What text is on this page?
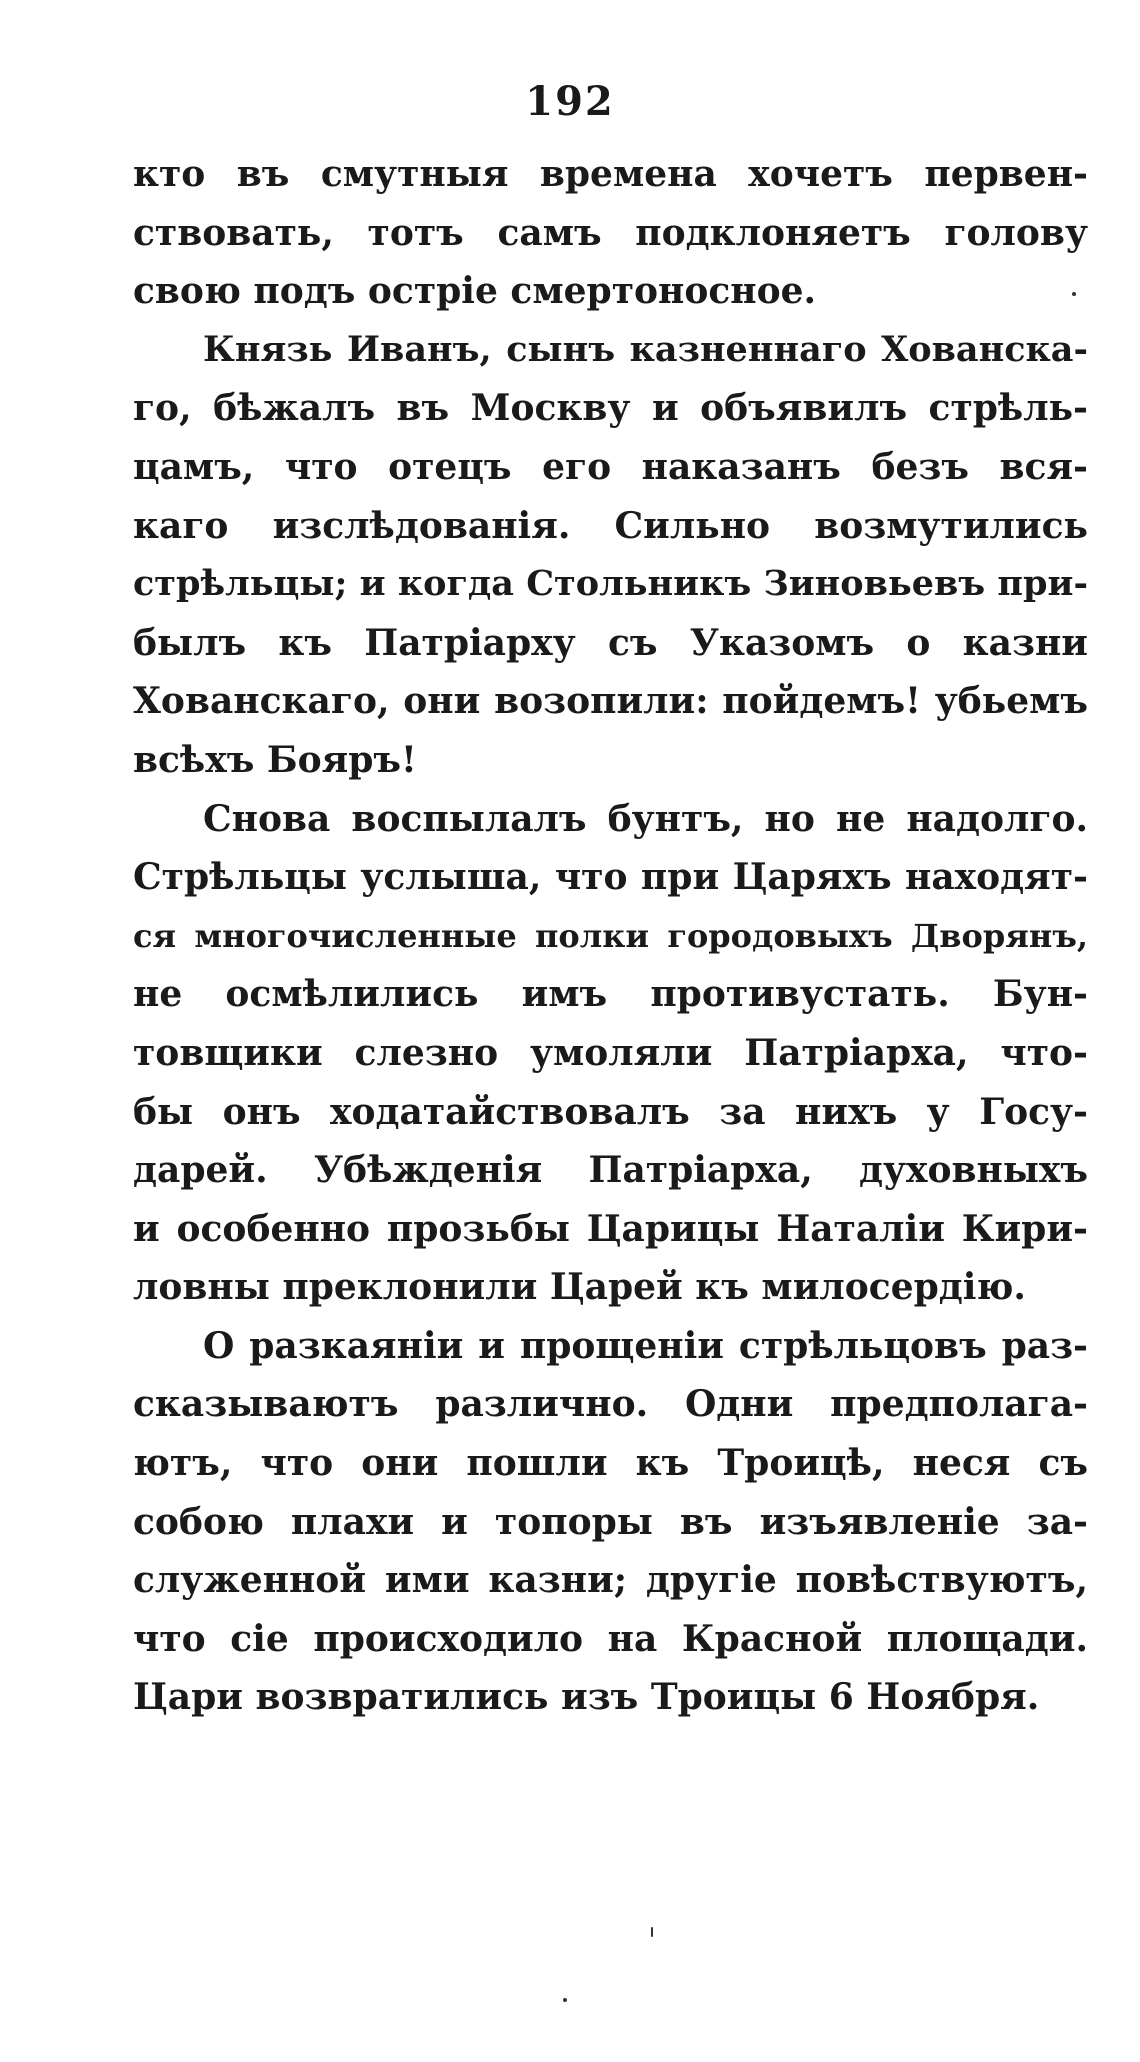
192
кто въ смутныя времена хочетъ первен-
ствовать, тотъ самъ подклоняетъ голову
свою подъ остріе смертоносное.
Князь Иванъ, сынъ казненнаго Хованска-
го, бѣжалъ въ Москву и объявилъ стрѣль-
цамъ, что отецъ его наказанъ безъ вся-
каго изслѣдованія. Сильно возмутились
стрѣльцы; и когда Стольникъ Зиновьевъ при-
былъ къ Патріарху съ Указомъ о казни
Хованскаго, они возопили: пойдемъ! убьемъ
всѣхъ Бояръ!
Снова воспылалъ бунтъ, но не надолго.
Стрѣльцы услыша, что при Царяхъ находят-
ся многочисленные полки городовыхъ Дворянъ,
не осмѣлились имъ противустать. Бун-
товщики слезно умоляли Патріарха, что-
бы онъ ходатайствовалъ за нихъ у Госу-
дарей. Убѣжденія Патріарха, духовныхъ
и особенно прозьбы Царицы Наталіи Кири-
ловны преклонили Царей къ милосердію.
О разкаяніи и прощеніи стрѣльцовъ раз-
сказываютъ различно. Одни предполага-
ютъ, что они пошли къ Троицѣ, неся съ
собою плахи и топоры въ изъявленіе за-
служенной ими казни; другіе повѣствуютъ,
что сіе происходило на Красной площади.
Цари возвратились изъ Троицы 6 Ноября.
